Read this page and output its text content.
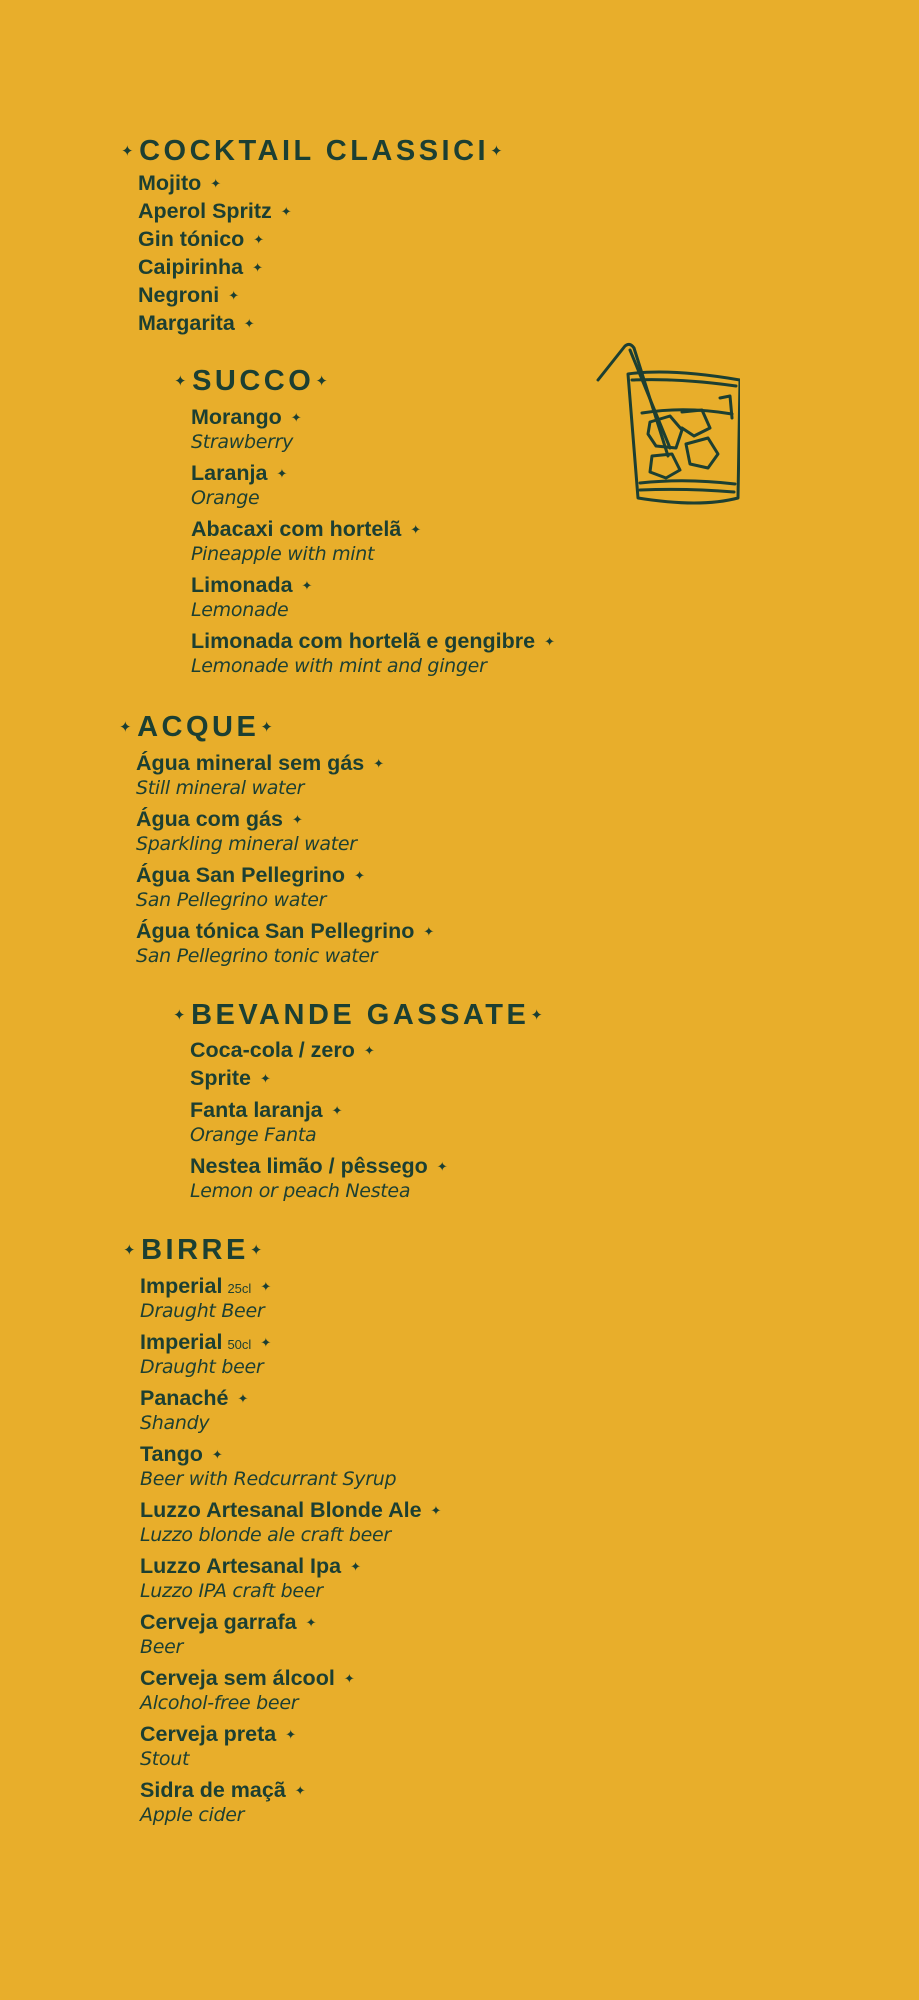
✦ COCKTAIL CLASSICI ✦
Mojito ✦
Aperol Spritz ✦
Gin tónico ✦
Caipirinha ✦
Negroni ✦
Margarita ✦
✦ SUCCO ✦
Morango ✦
Strawberry
Laranja ✦
Orange
Abacaxi com hortelã ✦
Pineapple with mint
Limonada ✦
Lemonade
Limonada com hortelã e gengibre ✦
Lemonade with mint and ginger
✦ ACQUE ✦
Água mineral sem gás ✦
Still mineral water
Água com gás ✦
Sparkling mineral water
Água San Pellegrino ✦
San Pellegrino water
Água tónica San Pellegrino ✦
San Pellegrino tonic water
✦ BEVANDE GASSATE ✦
Coca-cola / zero ✦
Sprite ✦
Fanta laranja ✦
Orange Fanta
Nestea limão / pêssego ✦
Lemon or peach Nestea
✦ BIRRE ✦
Imperial 25cl ✦
Draught Beer
Imperial 50cl ✦
Draught beer
Panaché ✦
Shandy
Tango ✦
Beer with Redcurrant Syrup
Luzzo Artesanal Blonde Ale ✦
Luzzo blonde ale craft beer
Luzzo Artesanal Ipa ✦
Luzzo IPA craft beer
Cerveja garrafa ✦
Beer
Cerveja sem álcool ✦
Alcohol-free beer
Cerveja preta ✦
Stout
Sidra de maçã ✦
Apple cider
